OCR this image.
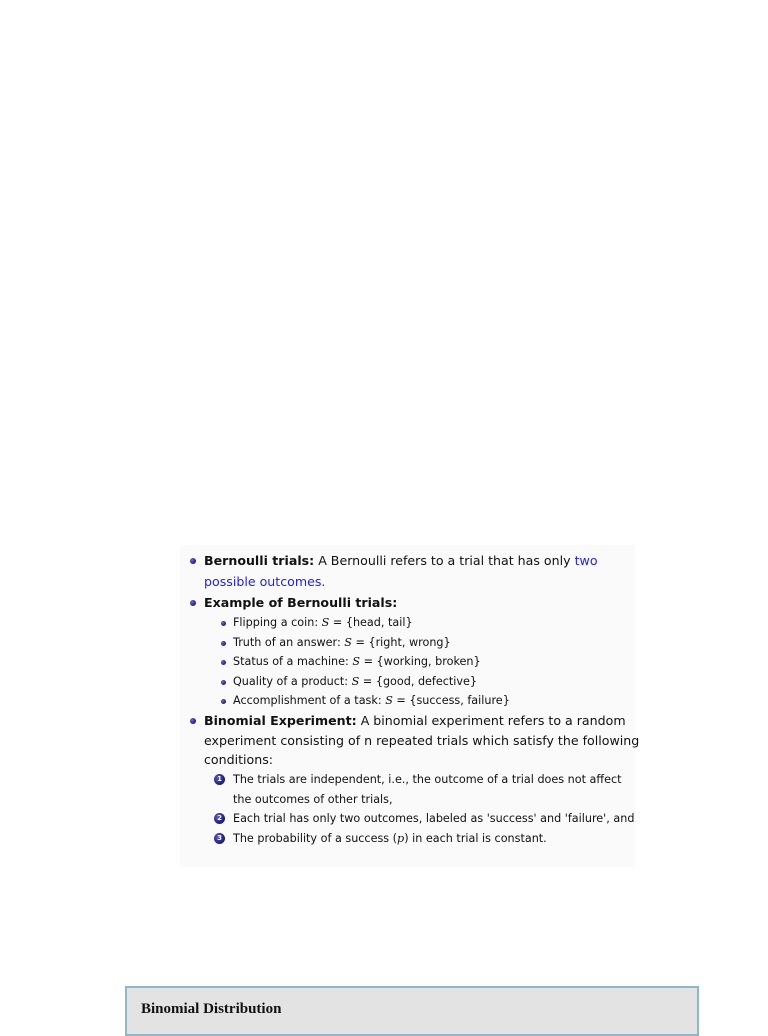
Bernoulli trials: A Bernoulli refers to a trial that has only two
possible outcomes.
Example of Bernoulli trials:
Flipping a coin: S = {head, tail}
Truth of an answer: S = {right, wrong}
Status of a machine: S = {working, broken}
Quality of a product: S = {good, defective}
Accomplishment of a task: S = {success, failure}
Binomial Experiment: A binomial experiment refers to a random
experiment consisting of n repeated trials which satisfy the following
conditions:
1 The trials are independent, i.e., the outcome of a trial does not affect
the outcomes of other trials,
2 Each trial has only two outcomes, labeled as 'success' and 'failure', and
3 The probability of a success (p) in each trial is constant.
Binomial Distribution
